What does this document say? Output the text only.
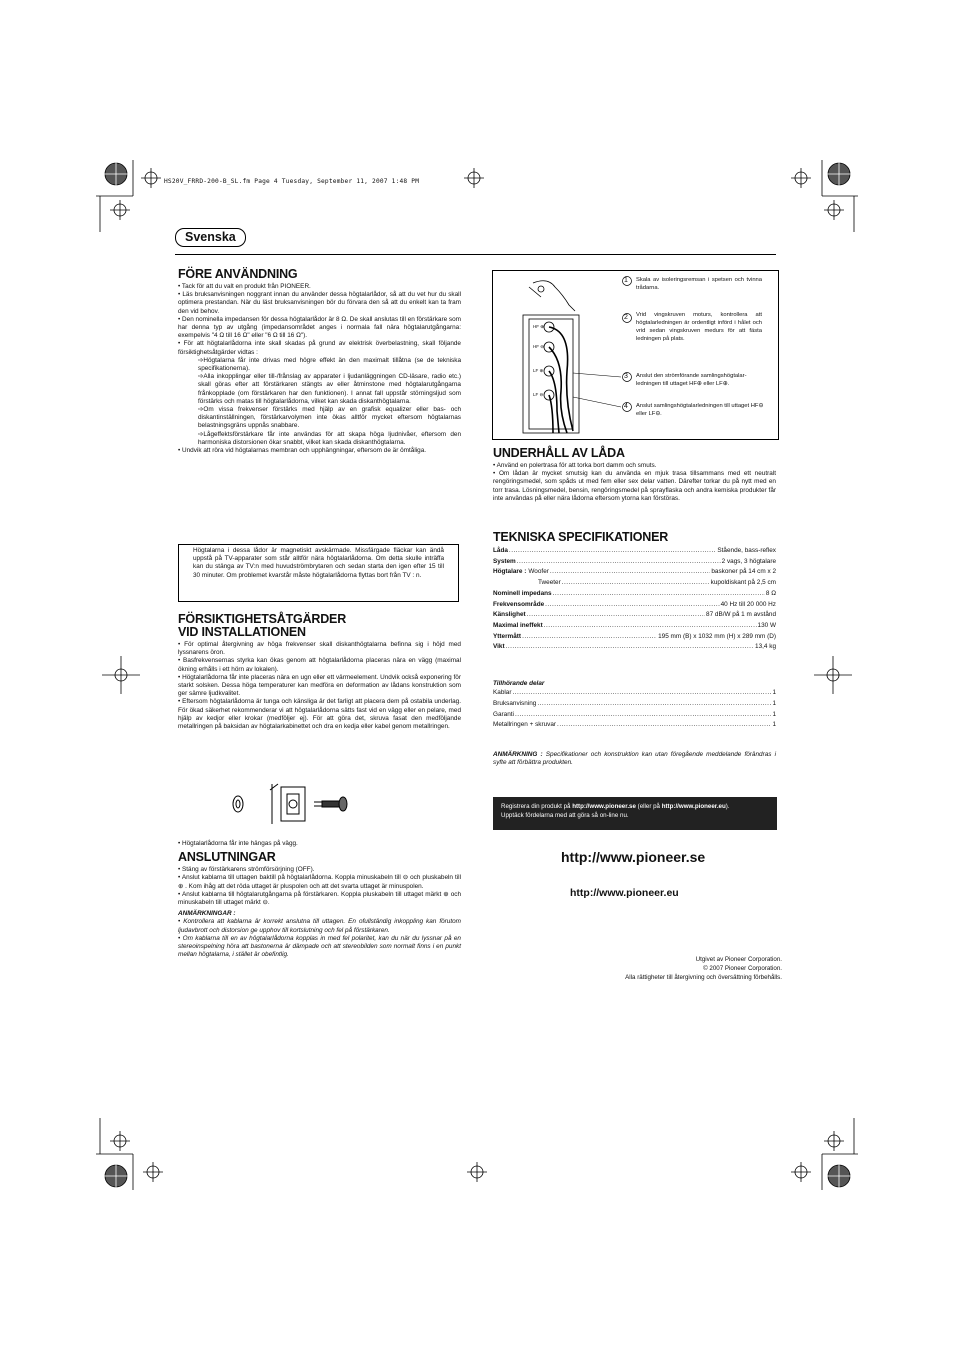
HS20V_FRRD-200-B_SL.fm Page 4 Tuesday, September 11, 2007 1:48 PM
Svenska
FÖRE ANVÄNDNING

• Tack för att du valt en produkt från PIONEER.

• Läs bruksanvisningen noggrant innan du använder dessa högtalarlådor, så att du vet hur du skall optimera prestandan. När du läst bruksanvisningen bör du förvara den så att du enkelt kan ta fram den vid behov.

• Den nominella impedansen för dessa högtalarlådor är 8 Ω. De skall anslutas till en förstärkare som har denna typ av utgång (impedansområdet anges i normala fall nära högtalarutgångarna: exempelvis "4 Ω till 16 Ω" eller "6 Ω till 16 Ω").

• För att högtalarlådorna inte skall skadas på grund av elektrisk överbelastning, skall följande försiktighetsåtgärder vidtas :

➩Högtalarna får inte drivas med högre effekt än den maximalt tillåtna (se de tekniska specifikationerna).

➩Alla inkopplingar eller till-/frånslag av apparater i ljudanläggningen CD-läsare, radio etc.) skall göras efter att förstärkaren stängts av eller åtminstone med högtalarutgångarna frånkopplade (om förstärkaren har den funktionen). I annat fall uppstår störningsljud som förstärks och matas till högtalarlådorna, vilket kan skada diskanthögtalarna.

➩Om vissa frekvenser förstärks med hjälp av en grafisk equalizer eller bas- och diskantinställningen, förstärkarvolymen inte ökas alltför mycket eftersom högtalarnas belastningsgräns uppnås snabbare.

➩Lågeffektsförstärkare får inte användas för att skapa höga ljudnivåer, eftersom den harmoniska distorsionen ökar snabbt, vilket kan skada diskanthögtalarna.

• Undvik att röra vid högtalarnas membran och upphängningar, eftersom de är ömtåliga.

Högtalarna i dessa lådor är magnetiskt avskärmade. Missfärgade fläckar kan ändå uppstå på TV-apparater som står alltför nära högtalarlådorna. Om detta skulle inträffa kan du stänga av TV:n med huvudströmbrytaren och sedan starta den igen efter 15 till 30 minuter. Om problemet kvarstår måste högtalarlådorna flyttas bort från TV : n.
FÖRSIKTIGHETSÅTGÄRDER
VID INSTALLATIONEN

• För optimal återgivning av höga frekvenser skall diskanthögtalarna befinna sig i höjd med lyssnarens öron.

• Basfrekvensernas styrka kan ökas genom att högtalarlådorna placeras nära en vägg (maximal ökning erhålls i ett hörn av lokalen).

• Högtalarlådorna får inte placeras nära en ugn eller ett värmeelement. Undvik också exponering för starkt solsken. Dessa höga temperaturer kan medföra en deformation av lådans konstruktion som ger sämre ljudkvalitet.

• Eftersom högtalarlådorna är tunga och känsliga är det farligt att placera dem på ostabila underlag. För ökad säkerhet rekommenderar vi att högtalarlådorna sätts fast vid en vägg eller en pelare, med hjälp av kedjor eller krokar (medföljer ej). För att göra det, skruva fasat den medföljande metallringen på baksidan av högtalarkabinettet och dra en kedja eller kabel genom metallringen.

• Högtalarlådorna får inte hängas på vägg.

ANSLUTNINGAR

• Stäng av förstärkarens strömförsörjning (OFF).

• Anslut kablarna till uttagen baktill på högtalarlådorna. Koppla minuskabeln till ⊖ och pluskabeln till ⊕ . Kom ihåg att det röda uttaget är pluspolen och att det svarta uttaget är minuspolen.

• Anslut kablarna till högtalarutgångarna på förstärkaren. Koppla pluskabeln till uttaget märkt ⊕ och minuskabeln till uttaget märkt ⊖.

ANMÄRKNINGAR :

• Kontrollera att kablarna är korrekt anslutna till uttagen. En ofullständig inkoppling kan förutom ljudavbrott och distorsion ge upphov till kortslutning och fel på förstärkaren.

• Om kablarna till en av högtalarlådorna kopplas in med fel polaritet, kan du när du lyssnar på en stereoinspelning höra att bastonerna är dämpade och att stereobilden som normalt finns i en punkt mellan högtalarna, i stället är obefintlig.

HF ⊕
HF ⊖
LF ⊕
LF ⊖
1
2
3
4
Skala av isoleringsremsan i spetsen och tvinna trådarna.
Vrid vingskruven moturs, kontrollera att högtalarledningen är ordentligt införd i hålet och vrid sedan vingskruven medurs för att fästa ledningen på plats.
Anslut den strömförande samlingshögtalar-ledningen till uttaget HF⊕ eller LF⊕.
Anslut samlingshögtalarledningen till uttaget HF⊖ eller LF⊖.
UNDERHÅLL AV LÅDA

• Använd en polertrasa för att torka bort damm och smuts.

• Om lådan är mycket smutsig kan du använda en mjuk trasa tillsammans med ett neutralt rengöringsmedel, som spåds ut med fem eller sex delar vatten. Därefter torkar du på nytt med en torr trasa. Lösningsmedel, bensin, rengöringsmedel på sprayflaska och andra kemiska produkter får inte användas på eller nära lådorna eftersom ytorna kan förstöras.

TEKNISKA SPECIFIKATIONER
Låda .....	Stående, bass-reflex
System .....	2 vags, 3 högtalare
Högtalare : Woofer .....	baskoner på 14 cm x 2
Tweeter .....	kupoldiskant på 2,5 cm
Nominell impedans .....	8 Ω
Frekvensområde .....	40 Hz till 20 000 Hz
Känslighet .....	87 dB/W på 1 m avstånd
Maximal ineffekt .....	130 W
Yttermått .....	195 mm (B) x 1032 mm (H) x 289 mm (D)
Vikt .....	13,4 kg
Tillhörande delar
Kablar .....	1
Bruksanvisning .....	1
Garanti .....	1
Metallringen + skruvar .....	1
ANMÄRKNING : Specifikationer och konstruktion kan utan föregående meddelande förändras i syfte att förbättra produkten.
Registrera din produkt på http://www.pioneer.se (eller på http://www.pioneer.eu).
Upptäck fördelarna med att göra så on-line nu.
http://www.pioneer.se
http://www.pioneer.eu
Utgivet av Pioneer Corporation.
© 2007 Pioneer Corporation.
Alla rättigheter till återgivning och översättning förbehålls.
